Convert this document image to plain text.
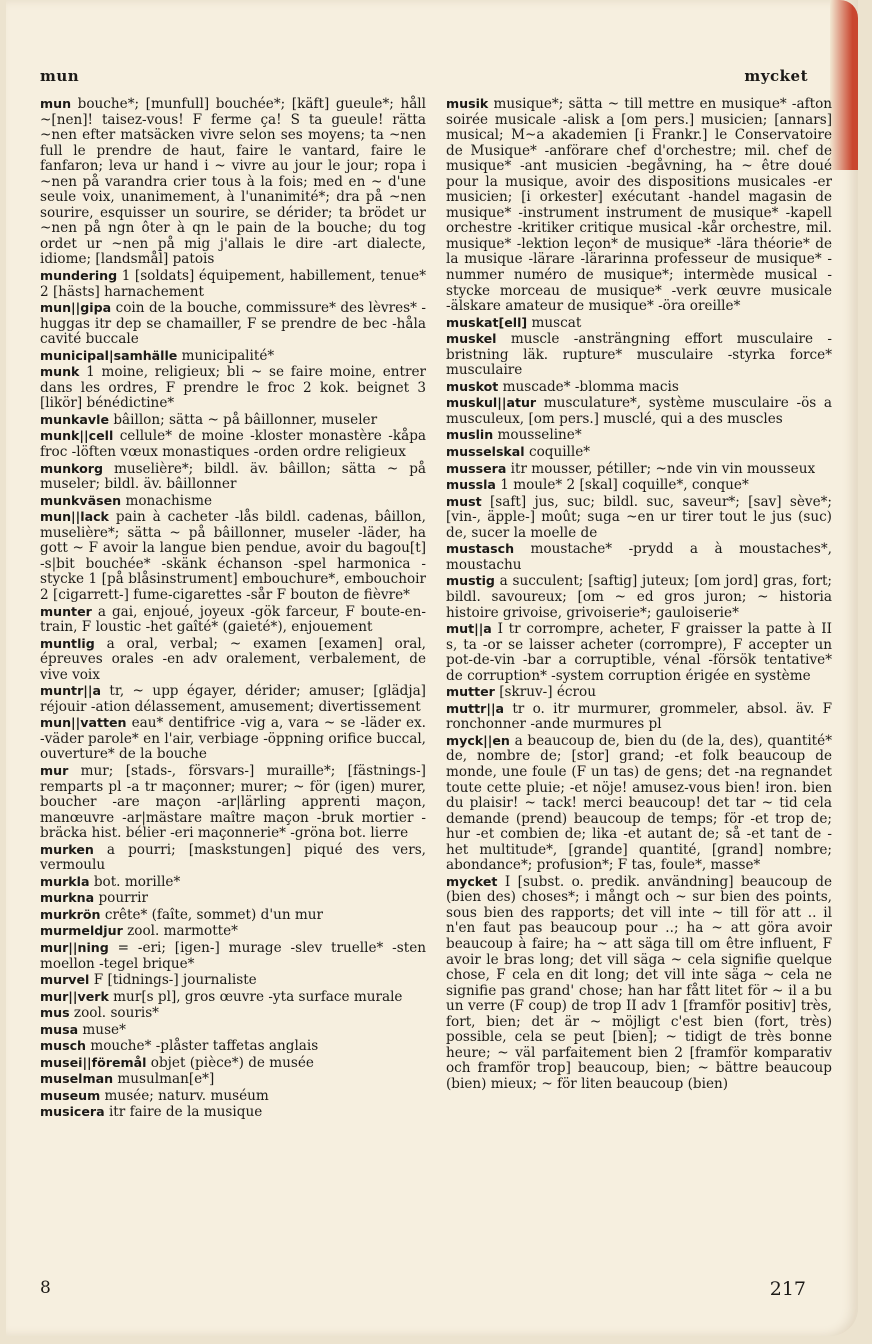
mun	mycket

mun bouche*; [munfull] bouchée*; [käft] gueule*; håll ~[nen]! taisez-vous! F ferme ça! S ta gueule! rätta ~nen efter matsäcken vivre selon ses moyens; ta ~nen full le prendre de haut, faire le vantard, faire le fanfaron; leva ur hand i ~ vivre au jour le jour; ropa i ~nen på varandra crier tous à la fois; med en ~ d'une seule voix, unanimement, à l'unanimité*; dra på ~nen sourire, esquisser un sourire, se dérider; ta brödet ur ~nen på ngn ôter à qn le pain de la bouche; du tog ordet ur ~nen på mig j'allais le dire -art dialecte, idiome; [landsmål] patois

mundering 1 [soldats] équipement, habillement, tenue* 2 [hästs] harnachement

mun||gipa coin de la bouche, commissure* des lèvres* -huggas itr dep se chamailler, F se prendre de bec -håla cavité buccale

municipal|samhälle municipalité*

munk 1 moine, religieux; bli ~ se faire moine, entrer dans les ordres, F prendre le froc 2 kok. beignet 3 [likör] bénédictine*

munkavle bâillon; sätta ~ på bâillonner, museler

munk||cell cellule* de moine -kloster monastère -kåpa froc -löften vœux monastiques -orden ordre religieux

munkorg muselière*; bildl. äv. bâillon; sätta ~ på museler; bildl. äv. bâillonner

munkväsen monachisme

mun||lack pain à cacheter -lås bildl. cadenas, bâillon, muselière*; sätta ~ på bâillonner, museler -läder, ha gott ~ F avoir la langue bien pendue, avoir du bagou[t] -s|bit bouchée* -skänk échanson -spel harmonica -stycke 1 [på blåsinstrument] embouchure*, embouchoir 2 [cigarrett-] fume-cigarettes -sår F bouton de fièvre*

munter a gai, enjoué, joyeux -gök farceur, F boute-en-train, F loustic -het gaîté* (gaieté*), enjouement

muntlig a oral, verbal; ~ examen [examen] oral, épreuves orales -en adv oralement, verbalement, de vive voix

muntr||a tr, ~ upp égayer, dérider; amuser; [glädja] réjouir -ation délassement, amusement; divertissement

mun||vatten eau* dentifrice -vig a, vara ~ se -läder ex. -väder parole* en l'air, verbiage -öppning orifice buccal, ouverture* de la bouche

mur mur; [stads-, försvars-] muraille*; [fästnings-] remparts pl -a tr maçonner; murer; ~ för (igen) murer, boucher -are maçon -ar|lärling apprenti maçon, manœuvre -ar|mästare maître maçon -bruk mortier -bräcka hist. bélier -eri maçonnerie* -gröna bot. lierre

murken a pourri; [maskstungen] piqué des vers, vermoulu

murkla bot. morille*

murkna pourrir

murkrön crête* (faîte, sommet) d'un mur

murmeldjur zool. marmotte*

mur||ning = -eri; [igen-] murage -slev truelle* -sten moellon -tegel brique*

murvel F [tidnings-] journaliste

mur||verk mur[s pl], gros œuvre -yta surface murale

mus zool. souris*

musa muse*

musch mouche* -plåster taffetas anglais

musei||föremål objet (pièce*) de musée

muselman musulman[e*]

museum musée; naturv. muséum

musicera itr faire de la musique

musik musique*; sätta ~ till mettre en musique* -afton soirée musicale -alisk a [om pers.] musicien; [annars] musical; M~a akademien [i Frankr.] le Conservatoire de Musique* -anförare chef d'orchestre; mil. chef de musique* -ant musicien -begåvning, ha ~ être doué pour la musique, avoir des dispositions musicales -er musicien; [i orkester] exécutant -handel magasin de musique* -instrument instrument de musique* -kapell orchestre -kritiker critique musical -kår orchestre, mil. musique* -lektion leçon* de musique* -lära théorie* de la musique -lärare -lärarinna professeur de musique* -nummer numéro de musique*; intermède musical -stycke morceau de musique* -verk œuvre musicale -älskare amateur de musique* -öra oreille*

muskat[ell] muscat

muskel muscle -ansträngning effort musculaire -bristning läk. rupture* musculaire -styrka force* musculaire

muskot muscade* -blomma macis

muskul||atur musculature*, système musculaire -ös a musculeux, [om pers.] musclé, qui a des muscles

muslin mousseline*

musselskal coquille*

mussera itr mousser, pétiller; ~nde vin vin mousseux

mussla 1 moule* 2 [skal] coquille*, conque*

must [saft] jus, suc; bildl. suc, saveur*; [sav] sève*; [vin-, äpple-] moût; suga ~en ur tirer tout le jus (suc) de, sucer la moelle de

mustasch moustache* -prydd a à moustaches*, moustachu

mustig a succulent; [saftig] juteux; [om jord] gras, fort; bildl. savoureux; [om ~ ed gros juron; ~ historia histoire grivoise, grivoiserie*; gauloiserie*

mut||a I tr corrompre, acheter, F graisser la patte à II s, ta -or se laisser acheter (corrompre), F accepter un pot-de-vin -bar a corruptible, vénal -försök tentative* de corruption* -system corruption érigée en système

mutter [skruv-] écrou

muttr||a tr o. itr murmurer, grommeler, absol. äv. F ronchonner -ande murmures pl

myck||en a beaucoup de, bien du (de la, des), quantité* de, nombre de; [stor] grand; -et folk beaucoup de monde, une foule (F un tas) de gens; det -na regnandet toute cette pluie; -et nöje! amusez-vous bien! iron. bien du plaisir! ~ tack! merci beaucoup! det tar ~ tid cela demande (prend) beaucoup de temps; för -et trop de; hur -et combien de; lika -et autant de; så -et tant de -het multitude*, [grande] quantité, [grand] nombre; abondance*; profusion*; F tas, foule*, masse*

mycket I [subst. o. predik. användning] beaucoup de (bien des) choses*; i mångt och ~ sur bien des points, sous bien des rapports; det vill inte ~ till för att .. il n'en faut pas beaucoup pour ..; ha ~ att göra avoir beaucoup à faire; ha ~ att säga till om être influent, F avoir le bras long; det vill säga ~ cela signifie quelque chose, F cela en dit long; det vill inte säga ~ cela ne signifie pas grand' chose; han har fått litet för ~ il a bu un verre (F coup) de trop II adv 1 [framför positiv] très, fort, bien; det är ~ möjligt c'est bien (fort, très) possible, cela se peut [bien]; ~ tidigt de très bonne heure; ~ väl parfaitement bien 2 [framför komparativ och framför trop] beaucoup, bien; ~ bättre beaucoup (bien) mieux; ~ för liten beaucoup (bien)

8	217
